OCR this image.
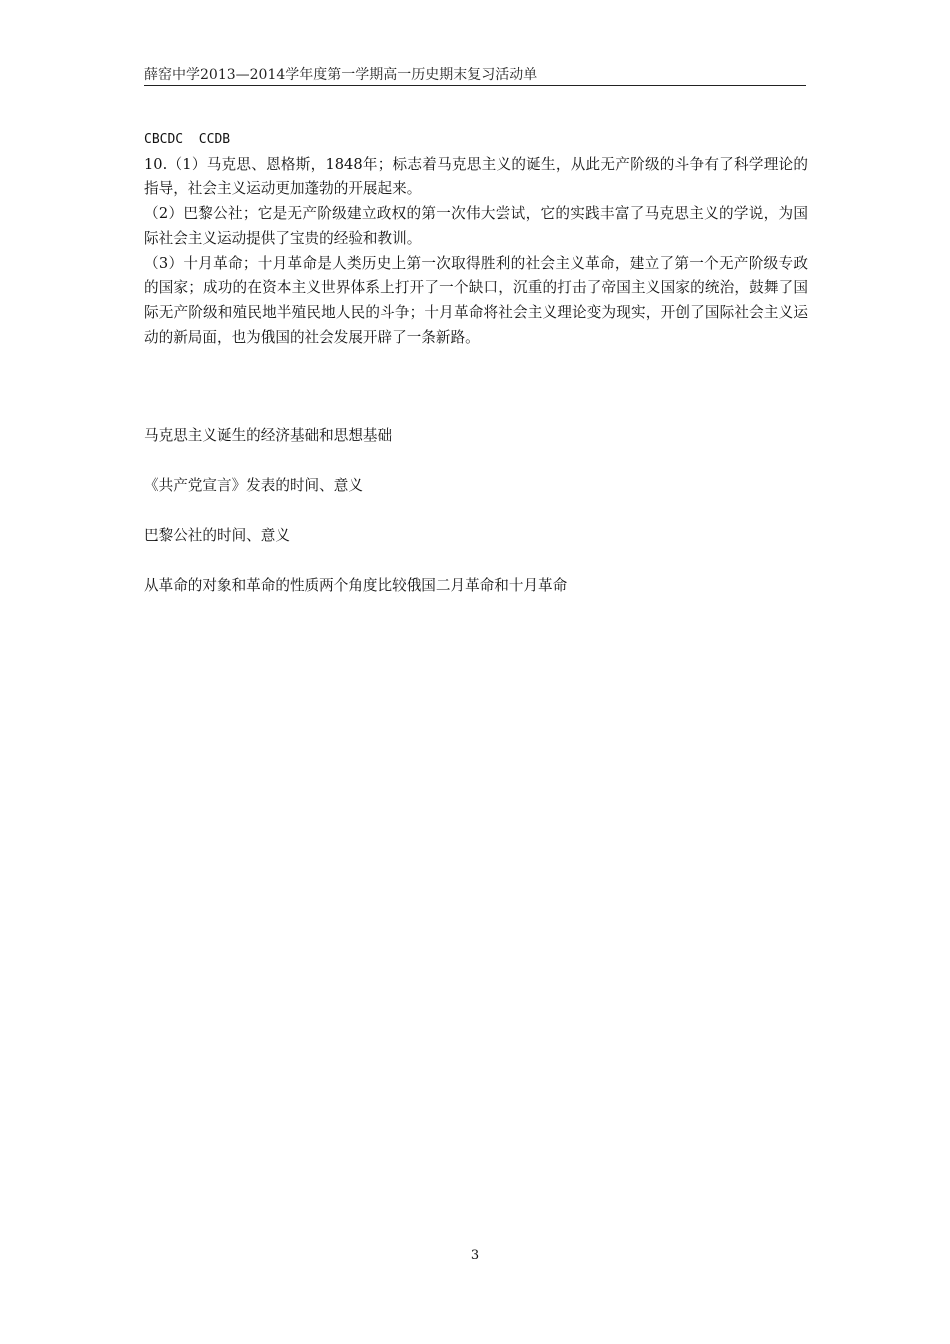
薛窑中学2013—2014学年度第一学期高一历史期末复习活动单

CBCDC  CCDB

10.（1）马克思、恩格斯，1848年；标志着马克思主义的诞生，从此无产阶级的斗争有了科学理论的指导，社会主义运动更加蓬勃的开展起来。

（2）巴黎公社；它是无产阶级建立政权的第一次伟大尝试，它的实践丰富了马克思主义的学说，为国际社会主义运动提供了宝贵的经验和教训。

（3）十月革命；十月革命是人类历史上第一次取得胜利的社会主义革命，建立了第一个无产阶级专政的国家；成功的在资本主义世界体系上打开了一个缺口，沉重的打击了帝国主义国家的统治，鼓舞了国际无产阶级和殖民地半殖民地人民的斗争；十月革命将社会主义理论变为现实，开创了国际社会主义运动的新局面，也为俄国的社会发展开辟了一条新路。

马克思主义诞生的经济基础和思想基础

《共产党宣言》发表的时间、意义

巴黎公社的时间、意义

从革命的对象和革命的性质两个角度比较俄国二月革命和十月革命

3
